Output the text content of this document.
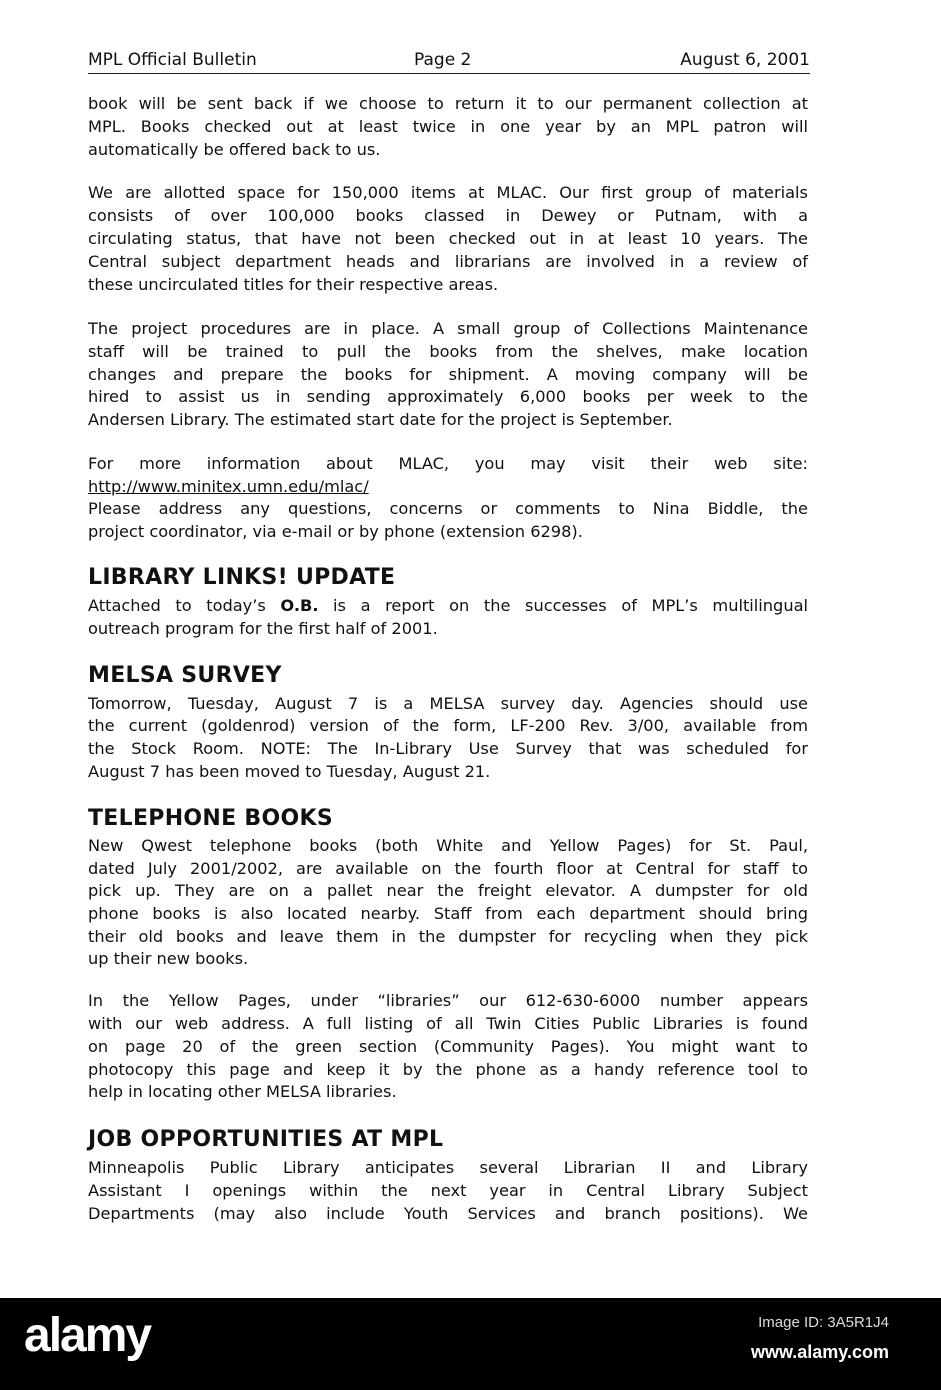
MPL Official Bulletin	Page 2	August 6, 2001
book will be sent back if we choose to return it to our permanent collection at
MPL. Books checked out at least twice in one year by an MPL patron will
automatically be offered back to us.
We are allotted space for 150,000 items at MLAC. Our first group of materials
consists of over 100,000 books classed in Dewey or Putnam, with a
circulating status, that have not been checked out in at least 10 years. The
Central subject department heads and librarians are involved in a review of
these uncirculated titles for their respective areas.
The project procedures are in place. A small group of Collections Maintenance
staff will be trained to pull the books from the shelves, make location
changes and prepare the books for shipment. A moving company will be
hired to assist us in sending approximately 6,000 books per week to the
Andersen Library. The estimated start date for the project is September.
For more information about MLAC, you may visit their web site:
http://www.minitex.umn.edu/mlac/
Please address any questions, concerns or comments to Nina Biddle, the
project coordinator, via e-mail or by phone (extension 6298).
LIBRARY LINKS! UPDATE
Attached to today’s O.B. is a report on the successes of MPL’s multilingual
outreach program for the first half of 2001.
MELSA SURVEY
Tomorrow, Tuesday, August 7 is a MELSA survey day. Agencies should use
the current (goldenrod) version of the form, LF-200 Rev. 3/00, available from
the Stock Room. NOTE: The In-Library Use Survey that was scheduled for
August 7 has been moved to Tuesday, August 21.
TELEPHONE BOOKS
New Qwest telephone books (both White and Yellow Pages) for St. Paul,
dated July 2001/2002, are available on the fourth floor at Central for staff to
pick up. They are on a pallet near the freight elevator. A dumpster for old
phone books is also located nearby. Staff from each department should bring
their old books and leave them in the dumpster for recycling when they pick
up their new books.
In the Yellow Pages, under “libraries” our 612-630-6000 number appears
with our web address. A full listing of all Twin Cities Public Libraries is found
on page 20 of the green section (Community Pages). You might want to
photocopy this page and keep it by the phone as a handy reference tool to
help in locating other MELSA libraries.
JOB OPPORTUNITIES AT MPL
Minneapolis Public Library anticipates several Librarian II and Library
Assistant I openings within the next year in Central Library Subject
Departments (may also include Youth Services and branch positions). We
alamy	Image ID: 3A5R1J4
www.alamy.com
